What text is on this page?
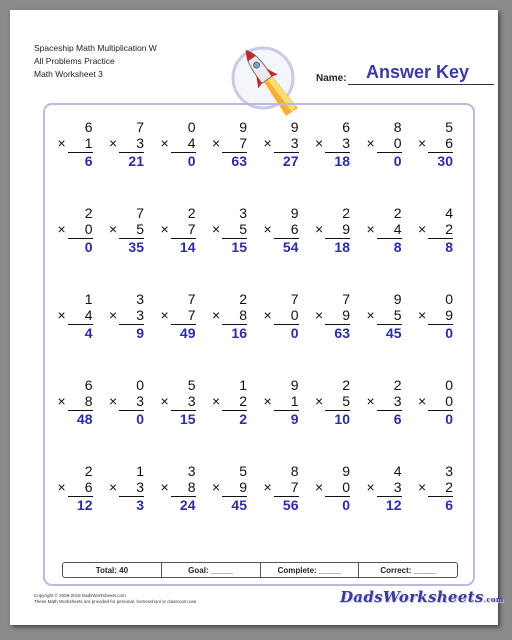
Spaceship Math Multiplication W
All Problems Practice
Math Worksheet 3	Name: Answer Key
6
× 1
6
7
× 3
21
0
× 4
0
9
× 7
63
9
× 3
27
6
× 3
18
8
× 0
0
5
× 6
30
2
× 0
0
7
× 5
35
2
× 7
14
3
× 5
15
9
× 6
54
2
× 9
18
2
× 4
8
4
× 2
8
1
× 4
4
3
× 3
9
7
× 7
49
2
× 8
16
7
× 0
0
7
× 9
63
9
× 5
45
0
× 9
0
6
× 8
48
0
× 3
0
5
× 3
15
1
× 2
2
9
× 1
9
2
× 5
10
2
× 3
6
0
× 0
0
2
× 6
12
1
× 3
3
3
× 8
24
5
× 9
45
8
× 7
56
9
× 0
0
4
× 3
12
3
× 2
6
Total: 40	Goal: _____	Complete: _____	Correct: _____
Copyright © 2008-2018 DadsWorksheets.com
These Math Worksheets are provided for personal, homeschool or classroom use.	DadsWorksheets.com
